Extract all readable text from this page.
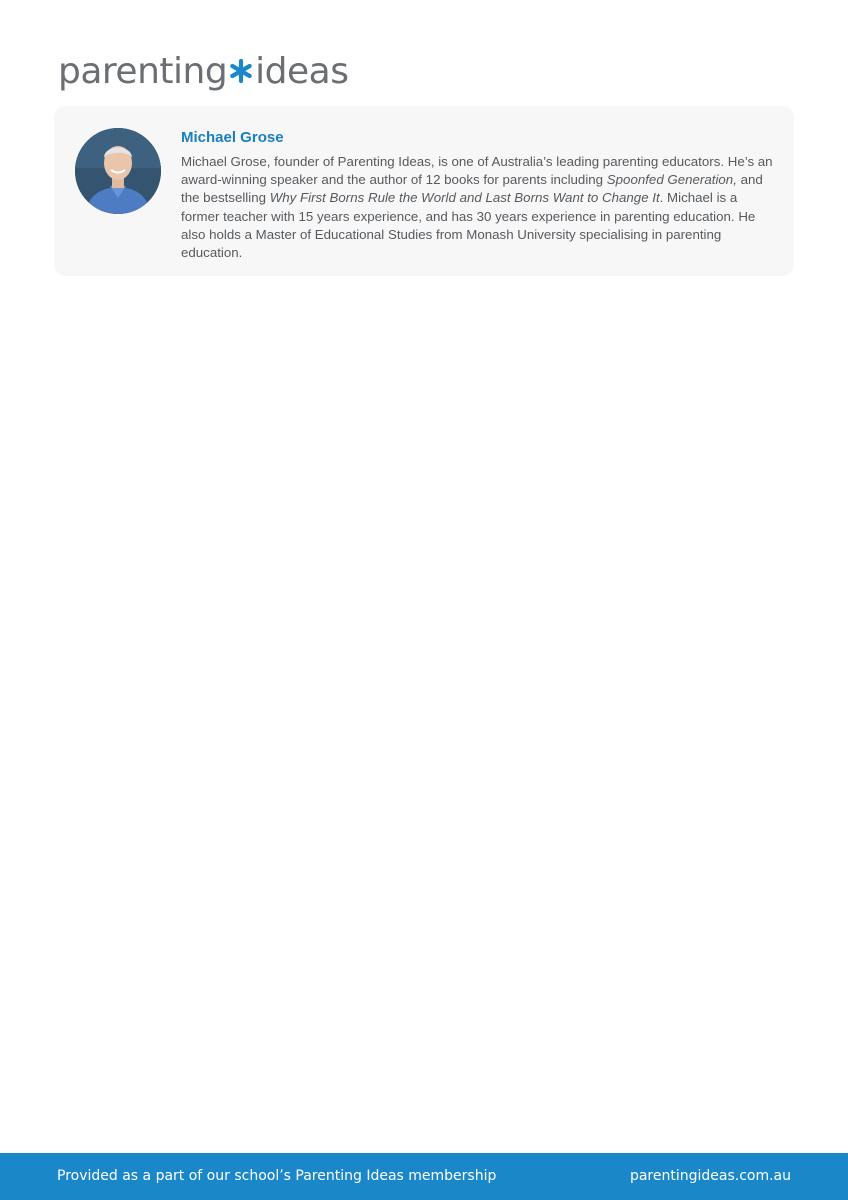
parenting ideas
Michael Grose
Michael Grose, founder of Parenting Ideas, is one of Australia’s leading parenting educators. He’s an award-winning speaker and the author of 12 books for parents including Spoonfed Generation, and the bestselling Why First Borns Rule the World and Last Borns Want to Change It. Michael is a former teacher with 15 years experience, and has 30 years experience in parenting education. He also holds a Master of Educational Studies from Monash University specialising in parenting education.
Provided as a part of our school’s Parenting Ideas membership	parentingideas.com.au
